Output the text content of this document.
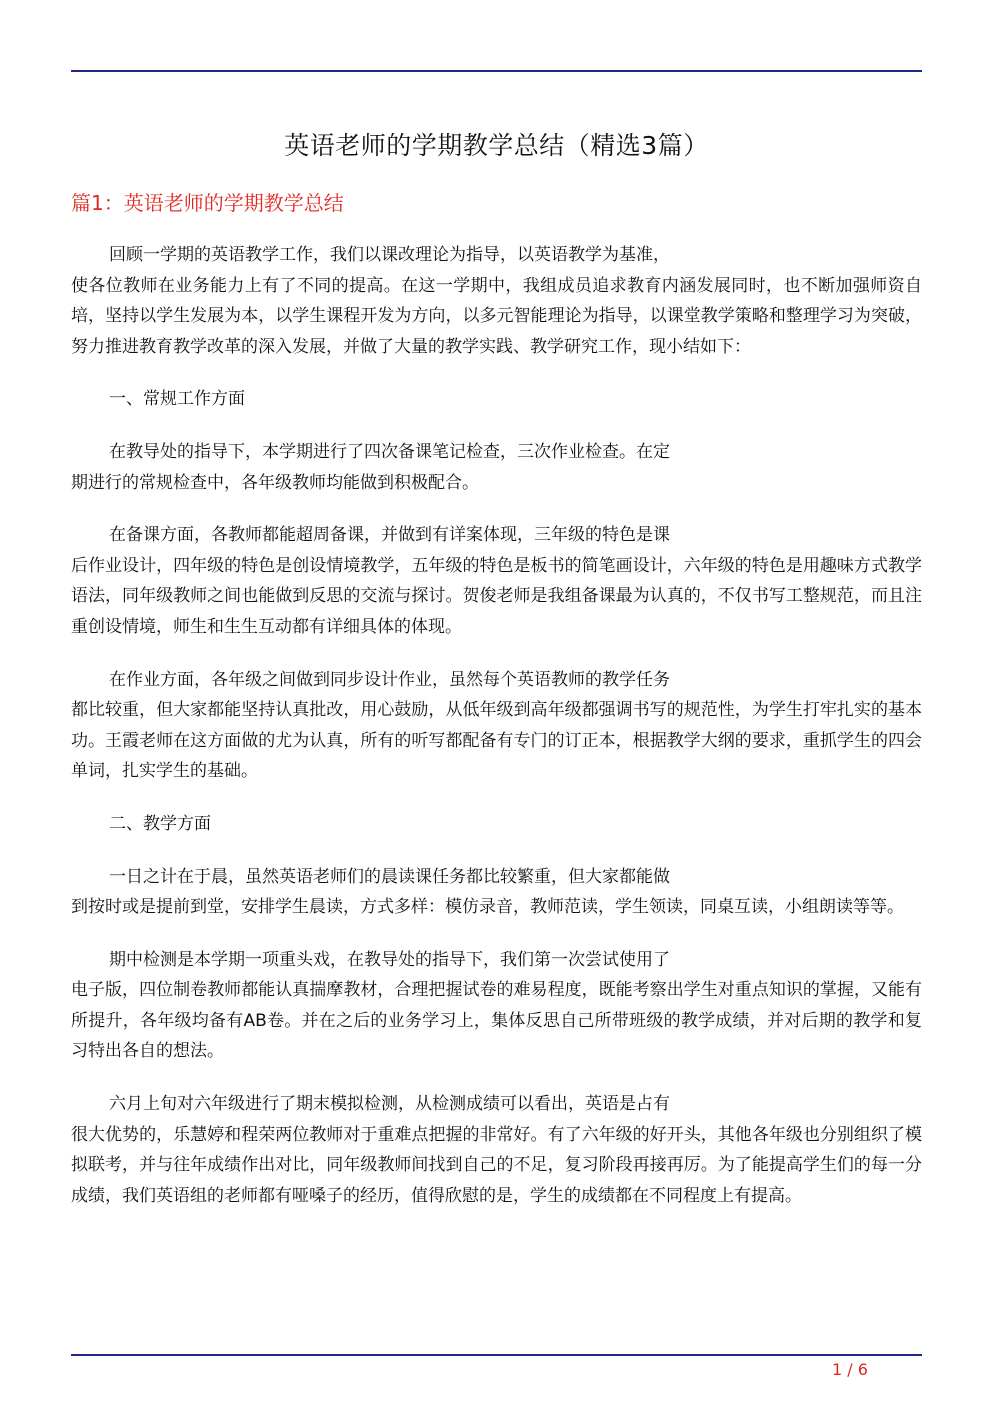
英语老师的学期教学总结（精选3篇）
篇1：英语老师的学期教学总结

回顾一学期的英语教学工作，我们以课改理论为指导，以英语教学为基准，
使各位教师在业务能力上有了不同的提高。在这一学期中，我组成员追求教育内涵发展同时，也不断加强师资自培，坚持以学生发展为本，以学生课程开发为方向，以多元智能理论为指导，以课堂教学策略和整理学习为突破，努力推进教育教学改革的深入发展，并做了大量的教学实践、教学研究工作，现小结如下：

一、常规工作方面

在教导处的指导下，本学期进行了四次备课笔记检查，三次作业检查。在定
期进行的常规检查中，各年级教师均能做到积极配合。

在备课方面，各教师都能超周备课，并做到有详案体现，三年级的特色是课
后作业设计，四年级的特色是创设情境教学，五年级的特色是板书的简笔画设计，六年级的特色是用趣味方式教学语法，同年级教师之间也能做到反思的交流与探讨。贺俊老师是我组备课最为认真的，不仅书写工整规范，而且注重创设情境，师生和生生互动都有详细具体的体现。

在作业方面，各年级之间做到同步设计作业，虽然每个英语教师的教学任务
都比较重，但大家都能坚持认真批改，用心鼓励，从低年级到高年级都强调书写的规范性，为学生打牢扎实的基本功。王霞老师在这方面做的尤为认真，所有的听写都配备有专门的订正本，根据教学大纲的要求，重抓学生的四会单词，扎实学生的基础。

二、教学方面

一日之计在于晨，虽然英语老师们的晨读课任务都比较繁重，但大家都能做
到按时或是提前到堂，安排学生晨读，方式多样：模仿录音，教师范读，学生领读，同桌互读，小组朗读等等。

期中检测是本学期一项重头戏，在教导处的指导下，我们第一次尝试使用了
电子版，四位制卷教师都能认真揣摩教材，合理把握试卷的难易程度，既能考察出学生对重点知识的掌握，又能有所提升，各年级均备有AB卷。并在之后的业务学习上，集体反思自己所带班级的教学成绩，并对后期的教学和复习特出各自的想法。

六月上旬对六年级进行了期末模拟检测，从检测成绩可以看出，英语是占有
很大优势的，乐慧婷和程荣两位教师对于重难点把握的非常好。有了六年级的好开头，其他各年级也分别组织了模拟联考，并与往年成绩作出对比，同年级教师间找到自己的不足，复习阶段再接再厉。为了能提高学生们的每一分成绩，我们英语组的老师都有哑嗓子的经历，值得欣慰的是，学生的成绩都在不同程度上有提高。

1 / 6
